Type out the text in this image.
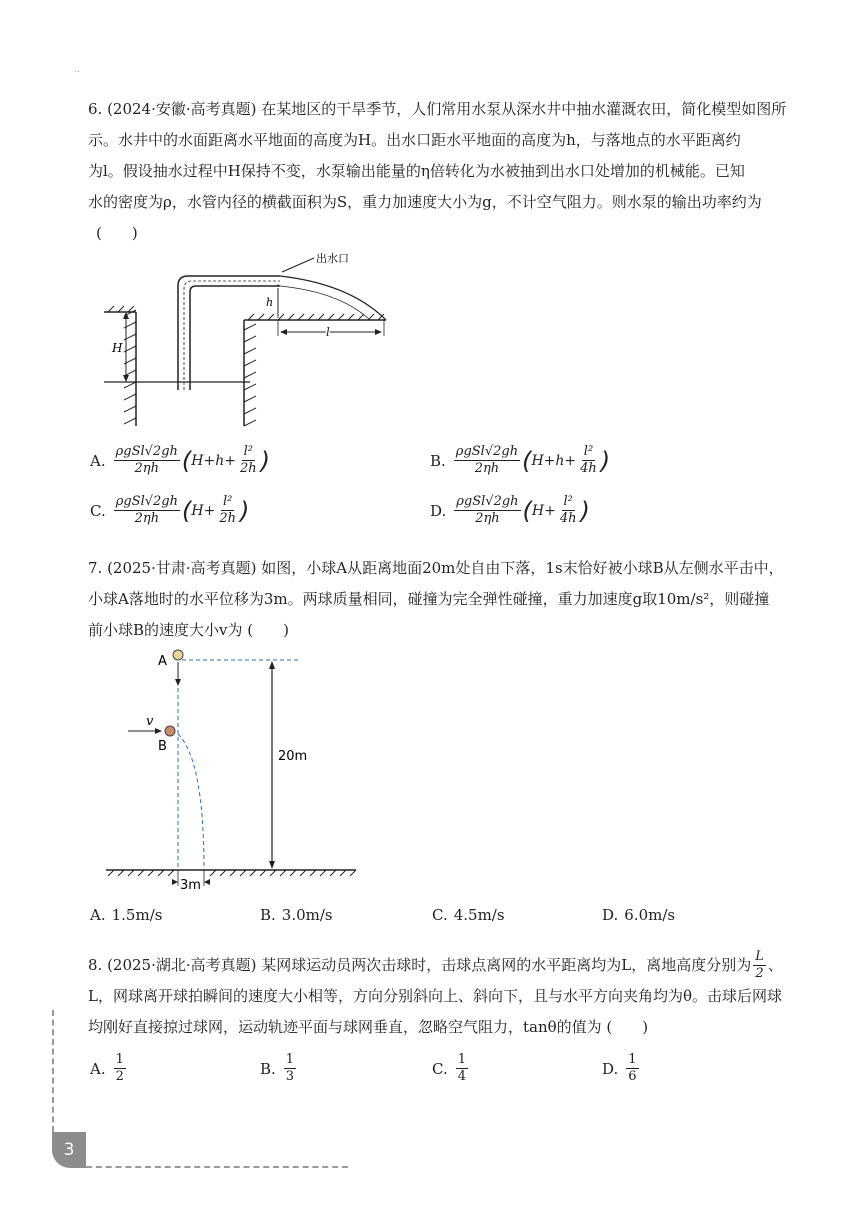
..
6. (2024·安徽·高考真题) 在某地区的干旱季节，人们常用水泵从深水井中抽水灌溉农田，简化模型如图所
示。水井中的水面距离水平地面的高度为H。出水口距水平地面的高度为h，与落地点的水平距离约
为l。假设抽水过程中H保持不变，水泵输出能量的η倍转化为水被抽到出水口处增加的机械能。已知
水的密度为ρ，水管内径的横截面积为S，重力加速度大小为g，不计空气阻力。则水泵的输出功率约为
(　　)
H
出水口
h
l
A. $\frac{\text{ρgSl√2gh}}{2\eta h}$ ( $H+h+ \frac{\text{l²}}{2h}$ )	B. $\frac{\text{ρgSl√2gh}}{2\eta h}$ ( $H+h+ \frac{\text{l²}}{4h}$ )
C. $\frac{\text{ρgSl√2gh}}{2\eta h}$ ( $H+ \frac{\text{l²}}{2h}$ )	D. $\frac{\text{ρgSl√2gh}}{2\eta h}$ ( $H+ \frac{\text{l²}}{4h}$ )
7. (2025·甘肃·高考真题) 如图，小球A从距离地面20m处自由下落，1s末恰好被小球B从左侧水平击中，
小球A落地时的水平位移为3m。两球质量相同，碰撞为完全弹性碰撞，重力加速度g取10m/s²，则碰撞
前小球B的速度大小v为 (　　)
A
B
v
20m
3m
A. 1.5m/s	B. 3.0m/s	C. 4.5m/s	D. 6.0m/s
8. (2025·湖北·高考真题) 某网球运动员两次击球时，击球点离网的水平距离均为L，离地高度分别为 $\frac{L}{2}$ 、
L，网球离开球拍瞬间的速度大小相等，方向分别斜向上、斜向下，且与水平方向夹角均为θ。击球后网球
均刚好直接掠过球网，运动轨迹平面与球网垂直，忽略空气阻力，tanθ的值为 (　　)
A. $\frac{1}{2}$	B. $\frac{1}{3}$	C. $\frac{1}{4}$	D. $\frac{1}{6}$
3
